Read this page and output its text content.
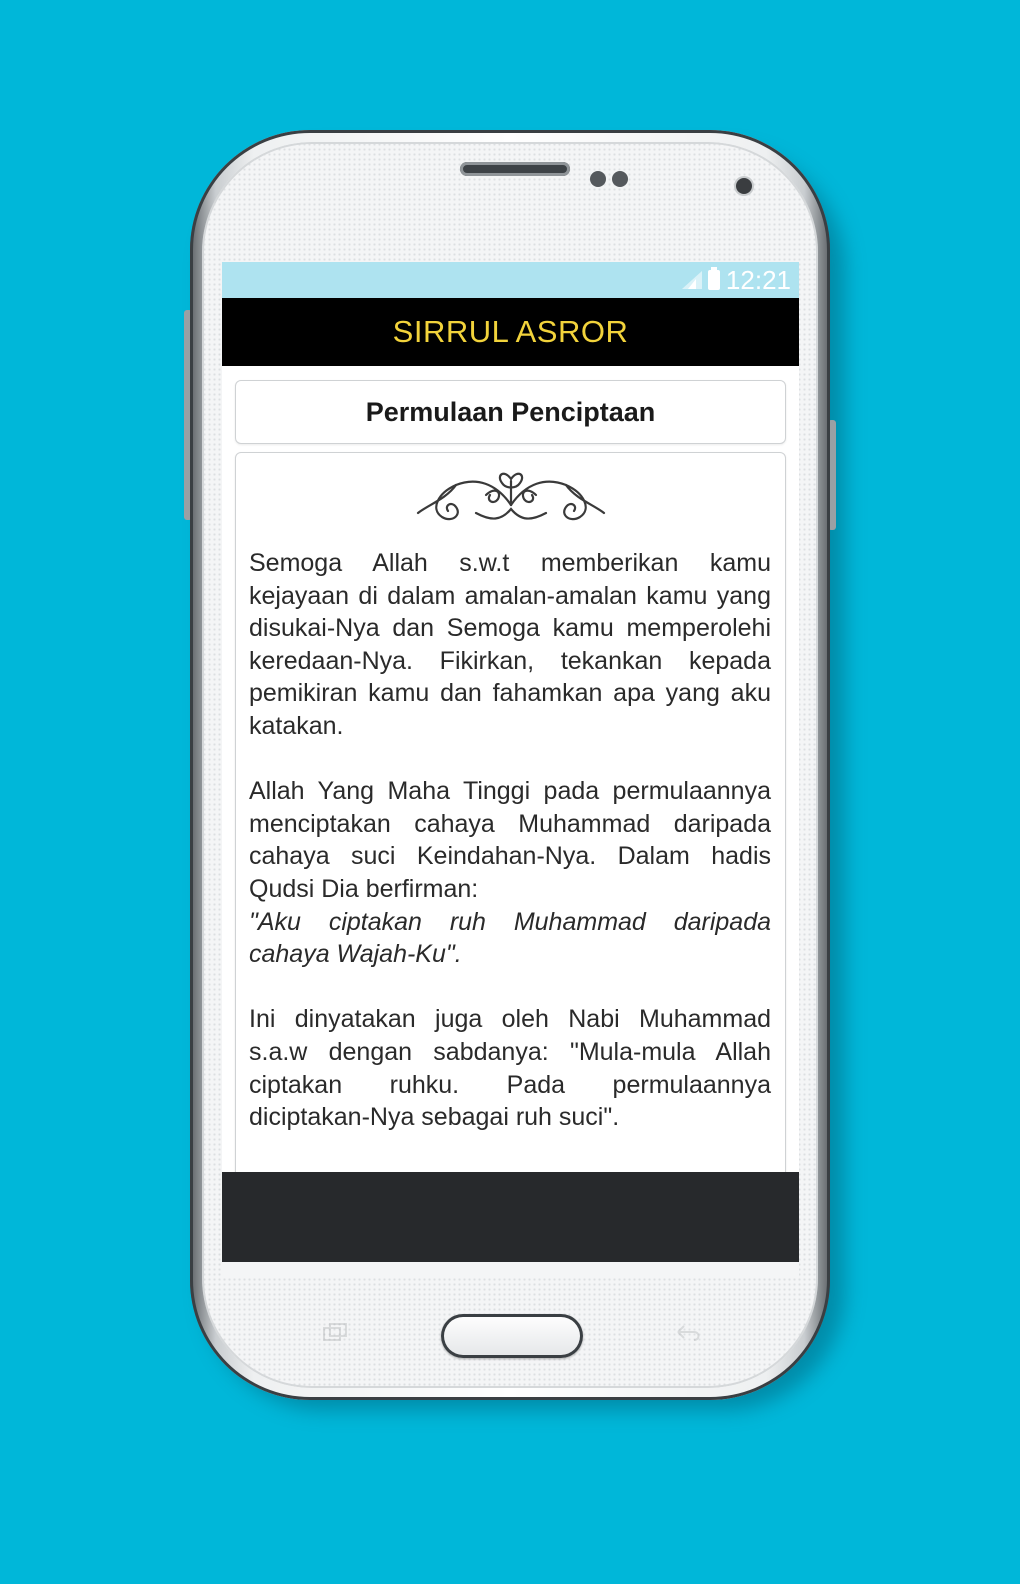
12:21
SIRRUL ASROR
Permulaan Penciptaan

Semoga Allah s.w.t memberikan kamu kejayaan di dalam amalan-amalan kamu yang disukai-Nya dan Semoga kamu memperolehi keredaan-Nya. Fikirkan, tekankan kepada pemikiran kamu dan fahamkan apa yang aku katakan.

Allah Yang Maha Tinggi pada permulaannya menciptakan cahaya Muhammad daripada cahaya suci Keindahan-Nya. Dalam hadis Qudsi Dia berfirman:

"Aku ciptakan ruh Muhammad daripada cahaya Wajah-Ku".

Ini dinyatakan juga oleh Nabi Muhammad s.a.w dengan sabdanya: "Mula-mula Allah ciptakan ruhku. Pada permulaannya diciptakan-Nya sebagai ruh suci".
